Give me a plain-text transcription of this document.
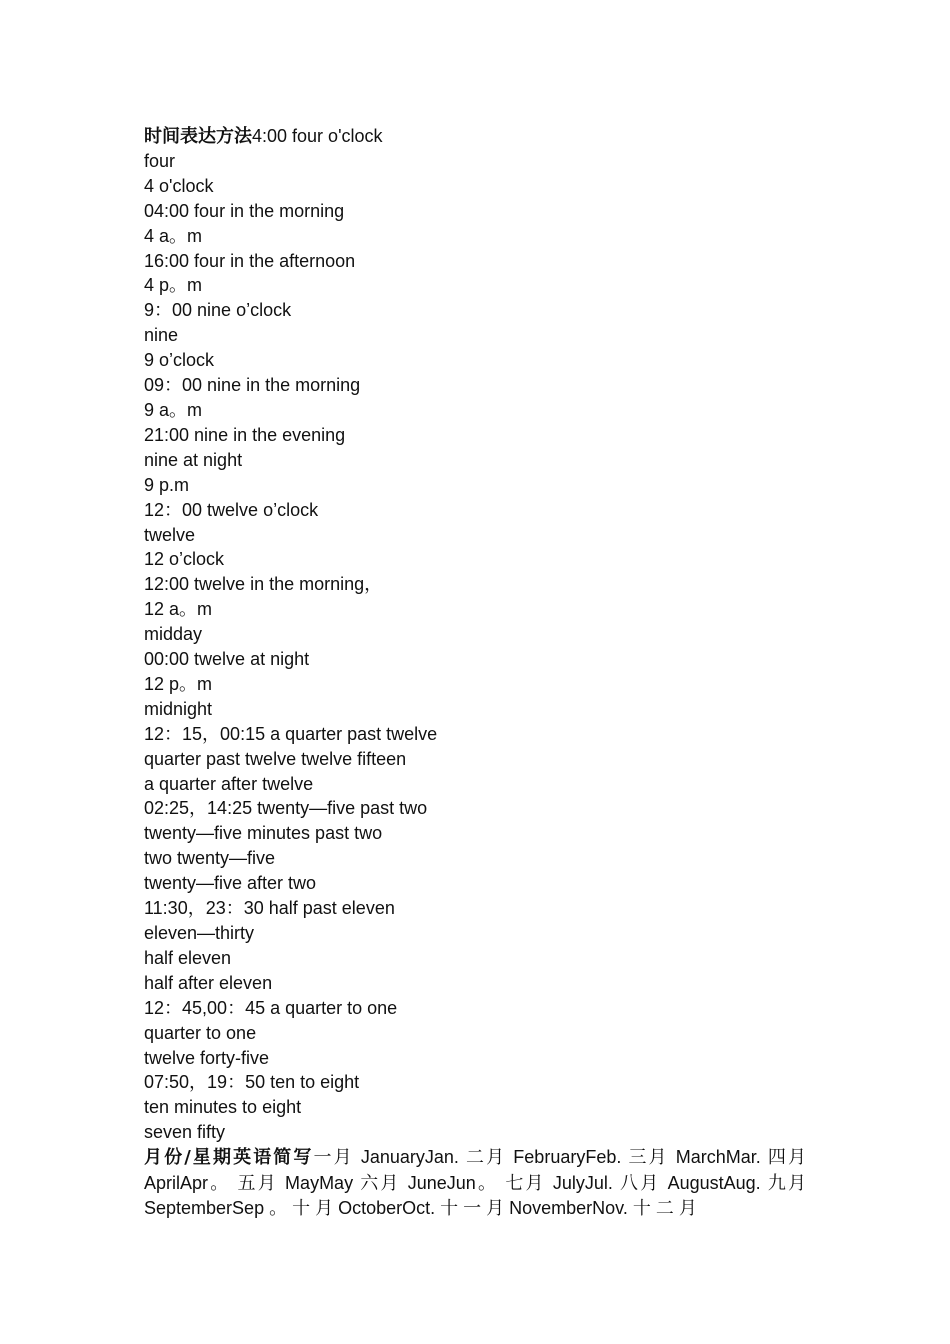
时间表达方法4:00 four o'clock
four
4 o'clock
04:00 four in the morning
4 a。m
16:00 four in the afternoon
4 p。m
9：00 nine o’clock
nine
9 o’clock
09：00 nine in the morning
9 a。m
21:00 nine in the evening
nine at night
9 p.m
12：00 twelve o’clock
twelve
12 o’clock
12:00 twelve in the morning，
12 a。m
midday
00:00 twelve at night
12 p。m
midnight
12：15，00:15 a quarter past twelve
quarter past twelve twelve fifteen
a quarter after twelve
02:25，14:25 twenty—five past two
twenty—five minutes past two
two twenty—five
twenty—five after two
11:30，23：30 half past eleven
eleven—thirty
half eleven
half after eleven
12：45,00：45 a quarter to one
quarter to one
twelve forty-five
07:50，19：50 ten to eight
ten minutes to eight
seven fifty
月份/星期英语简写一月 JanuaryJan. 二月 FebruaryFeb. 三月 MarchMar. 四月 AprilApr。 五月 MayMay 六月 JuneJun。 七月 JulyJul. 八月 AugustAug. 九月 SeptemberSep 。 十 月 OctoberOct. 十 一 月 NovemberNov. 十 二 月
